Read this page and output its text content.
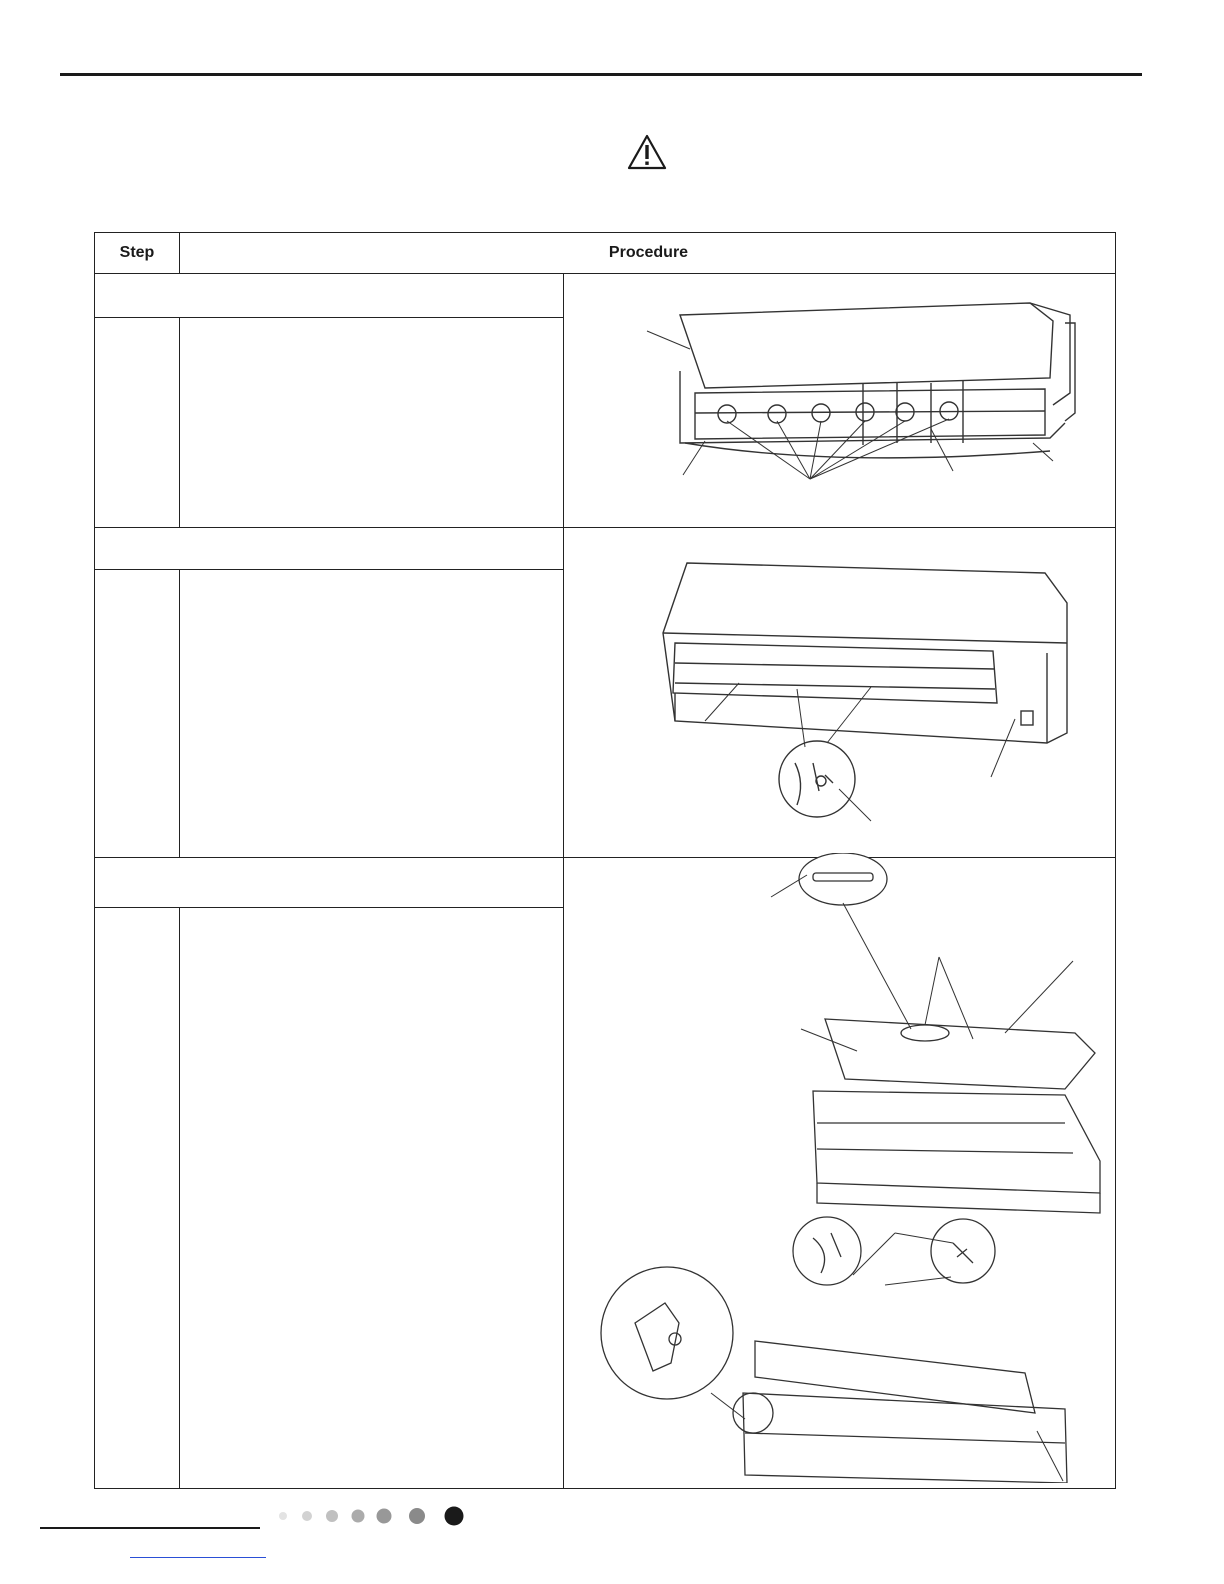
Step	Procedure
